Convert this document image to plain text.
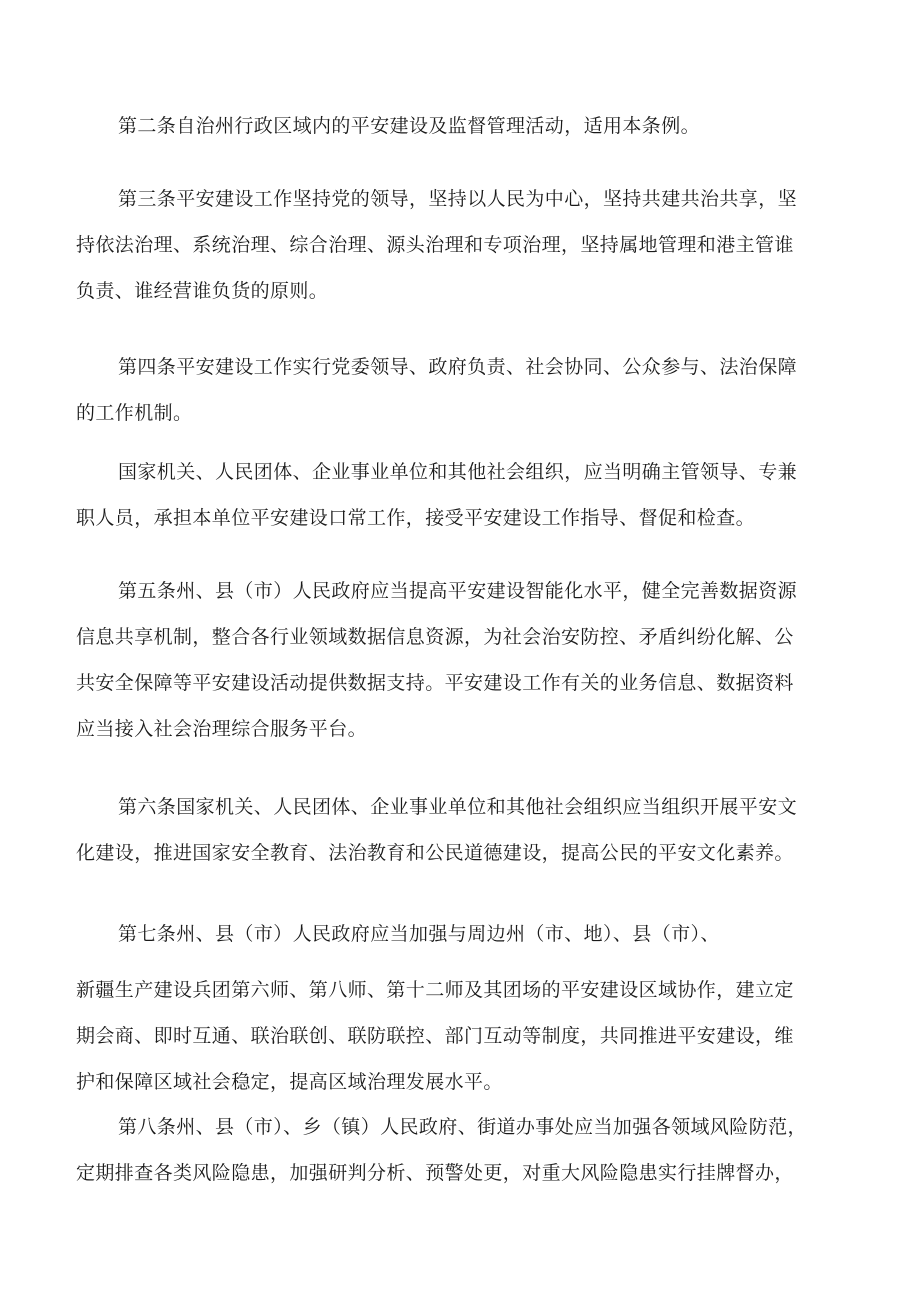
第二条自治州行政区域内的平安建设及监督管理活动，适用本条例。

第三条平安建设工作坚持党的领导，坚持以人民为中心，坚持共建共治共享，坚
持依法治理、系统治理、综合治理、源头治理和专项治理，坚持属地管理和港主管谁
负责、谁经营谁负货的原则。

第四条平安建设工作实行党委领导、政府负责、社会协同、公众参与、法治保障
的工作机制。

国家机关、人民团体、企业事业单位和其他社会组织，应当明确主管领导、专兼
职人员，承担本单位平安建设口常工作，接受平安建设工作指导、督促和检查。

第五条州、县（市）人民政府应当提高平安建设智能化水平，健全完善数据资源
信息共享机制，整合各行业领域数据信息资源，为社会治安防控、矛盾纠纷化解、公
共安全保障等平安建设活动提供数据支持。平安建设工作有关的业务信息、数据资料
应当接入社会治理综合服务平台。

第六条国家机关、人民团体、企业事业单位和其他社会组织应当组织开展平安文
化建设，推进国家安全教育、法治教育和公民道德建设，提高公民的平安文化素养。

第七条州、县（市）人民政府应当加强与周边州（市、地）、县（市）、
新疆生产建设兵团第六师、第八师、第十二师及其团场的平安建设区域协作，建立定
期会商、即时互通、联治联创、联防联控、部门互动等制度，共同推进平安建设，维
护和保障区域社会稳定，提高区域治理发展水平。

第八条州、县（市）、乡（镇）人民政府、街道办事处应当加强各领域风险防范，
定期排查各类风险隐患，加强研判分析、预警处更，对重大风险隐患实行挂牌督办，
